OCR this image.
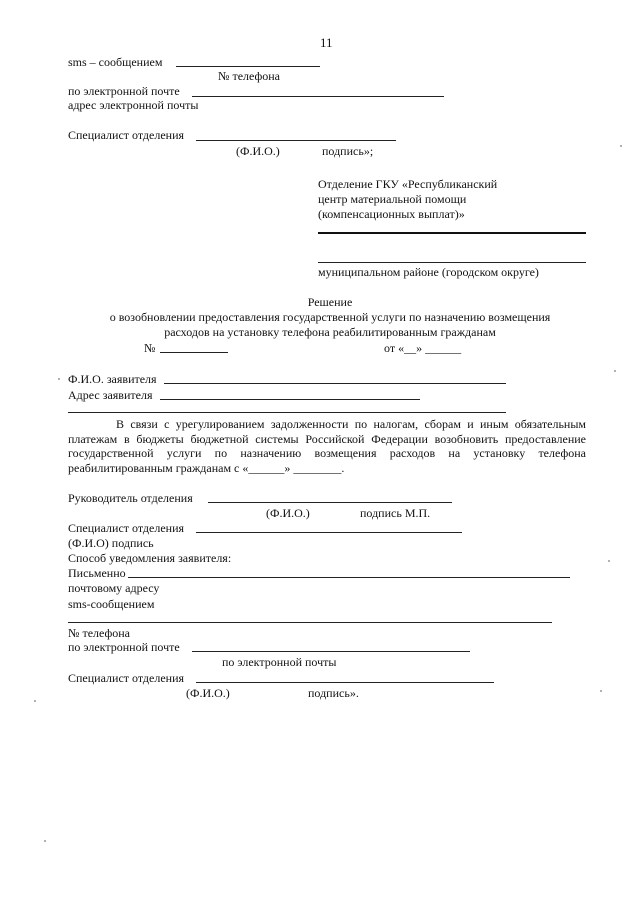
11
sms – сообщением
№ телефона
по электронной почте
адрес электронной почты
Специалист отделения
(Ф.И.О.)	подпись»;
Отделение ГКУ «Республиканский
центр материальной помощи
(компенсационных выплат)»
муниципальном районе (городском округе)
Решение
о возобновлении предоставления государственной услуги по назначению возмещения
расходов на установку телефона реабилитированным гражданам
№	от «__» ______
Ф.И.О. заявителя
Адрес заявителя
В связи с урегулированием задолженности по налогам, сборам и иным обязательным платежам в бюджеты бюджетной системы Российской Федерации возобновить предоставление государственной услуги по назначению возмещения расходов на установку телефона реабилитированным гражданам с «______» ________.
Руководитель отделения
(Ф.И.О.)	подпись М.П.
Специалист отделения
(Ф.И.О) подпись
Способ уведомления заявителя:
Письменно
почтовому адресу
sms-сообщением
№ телефона
по электронной почте
по электронной почты
Специалист отделения
(Ф.И.О.)	подпись».
